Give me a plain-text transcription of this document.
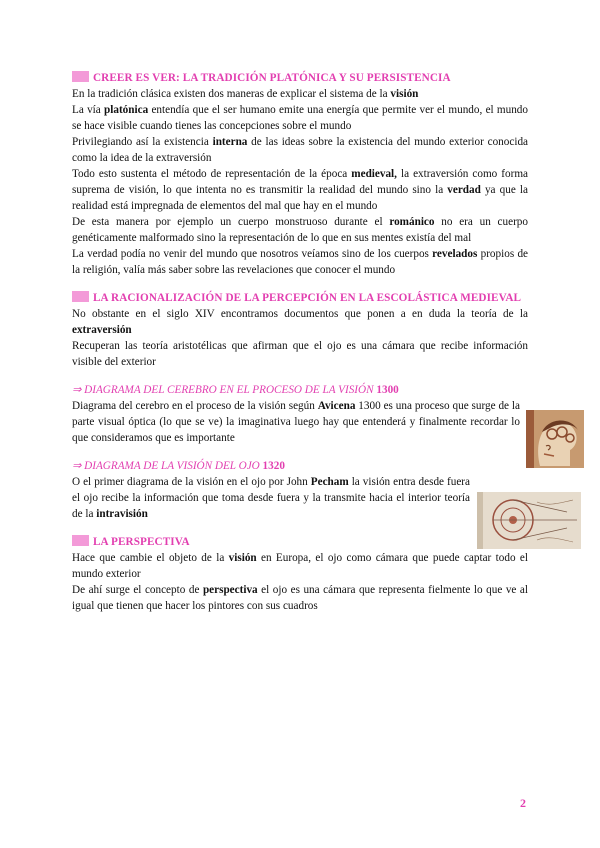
CREER ES VER: LA TRADICIÓN PLATÓNICA Y SU PERSISTENCIA

En la tradición clásica existen dos maneras de explicar el sistema de la visión

La vía platónica entendía que el ser humano emite una energía que permite ver el mundo, el mundo se hace visible cuando tienes las concepciones sobre el mundo

Privilegiando así la existencia interna de las ideas sobre la existencia del mundo exterior conocida como la idea de la extraversión

Todo esto sustenta el método de representación de la época medieval, la extraversión como forma suprema de visión, lo que intenta no es transmitir la realidad del mundo sino la verdad ya que la realidad está impregnada de elementos del mal que hay en el mundo

De esta manera por ejemplo un cuerpo monstruoso durante el románico no era un cuerpo genéticamente malformado sino la representación de lo que en sus mentes existía del mal

La verdad podía no venir del mundo que nosotros veíamos sino de los cuerpos revelados propios de la religión, valía más saber sobre las revelaciones que conocer el mundo

LA RACIONALIZACIÓN DE LA PERCEPCIÓN EN LA ESCOLÁSTICA MEDIEVAL

No obstante en el siglo XIV encontramos documentos que ponen a en duda la teoría de la extraversión

Recuperan las teoría aristotélicas que afirman que el ojo es una cámara que recibe información visible del exterior

⇒ DIAGRAMA DEL CEREBRO EN EL PROCESO DE LA VISIÓN 1300

Diagrama del cerebro en el proceso de la visión según Avicena 1300 es una proceso que surge de la parte visual óptica (lo que se ve) la imaginativa luego hay que entenderá y finalmente recordar lo que consideramos que es importante

⇒ DIAGRAMA DE LA VISIÓN DEL OJO 1320

O el primer diagrama de la visión en el ojo por John Pecham la visión entra desde fuera el ojo recibe la información que toma desde fuera y la transmite hacia el interior teoría de la intravisión

LA PERSPECTIVA

Hace que cambie el objeto de la visión en Europa, el ojo como cámara que puede captar todo el mundo exterior

De ahí surge el concepto de perspectiva el ojo es una cámara que representa fielmente lo que ve al igual que tienen que hacer los pintores con sus cuadros

2
